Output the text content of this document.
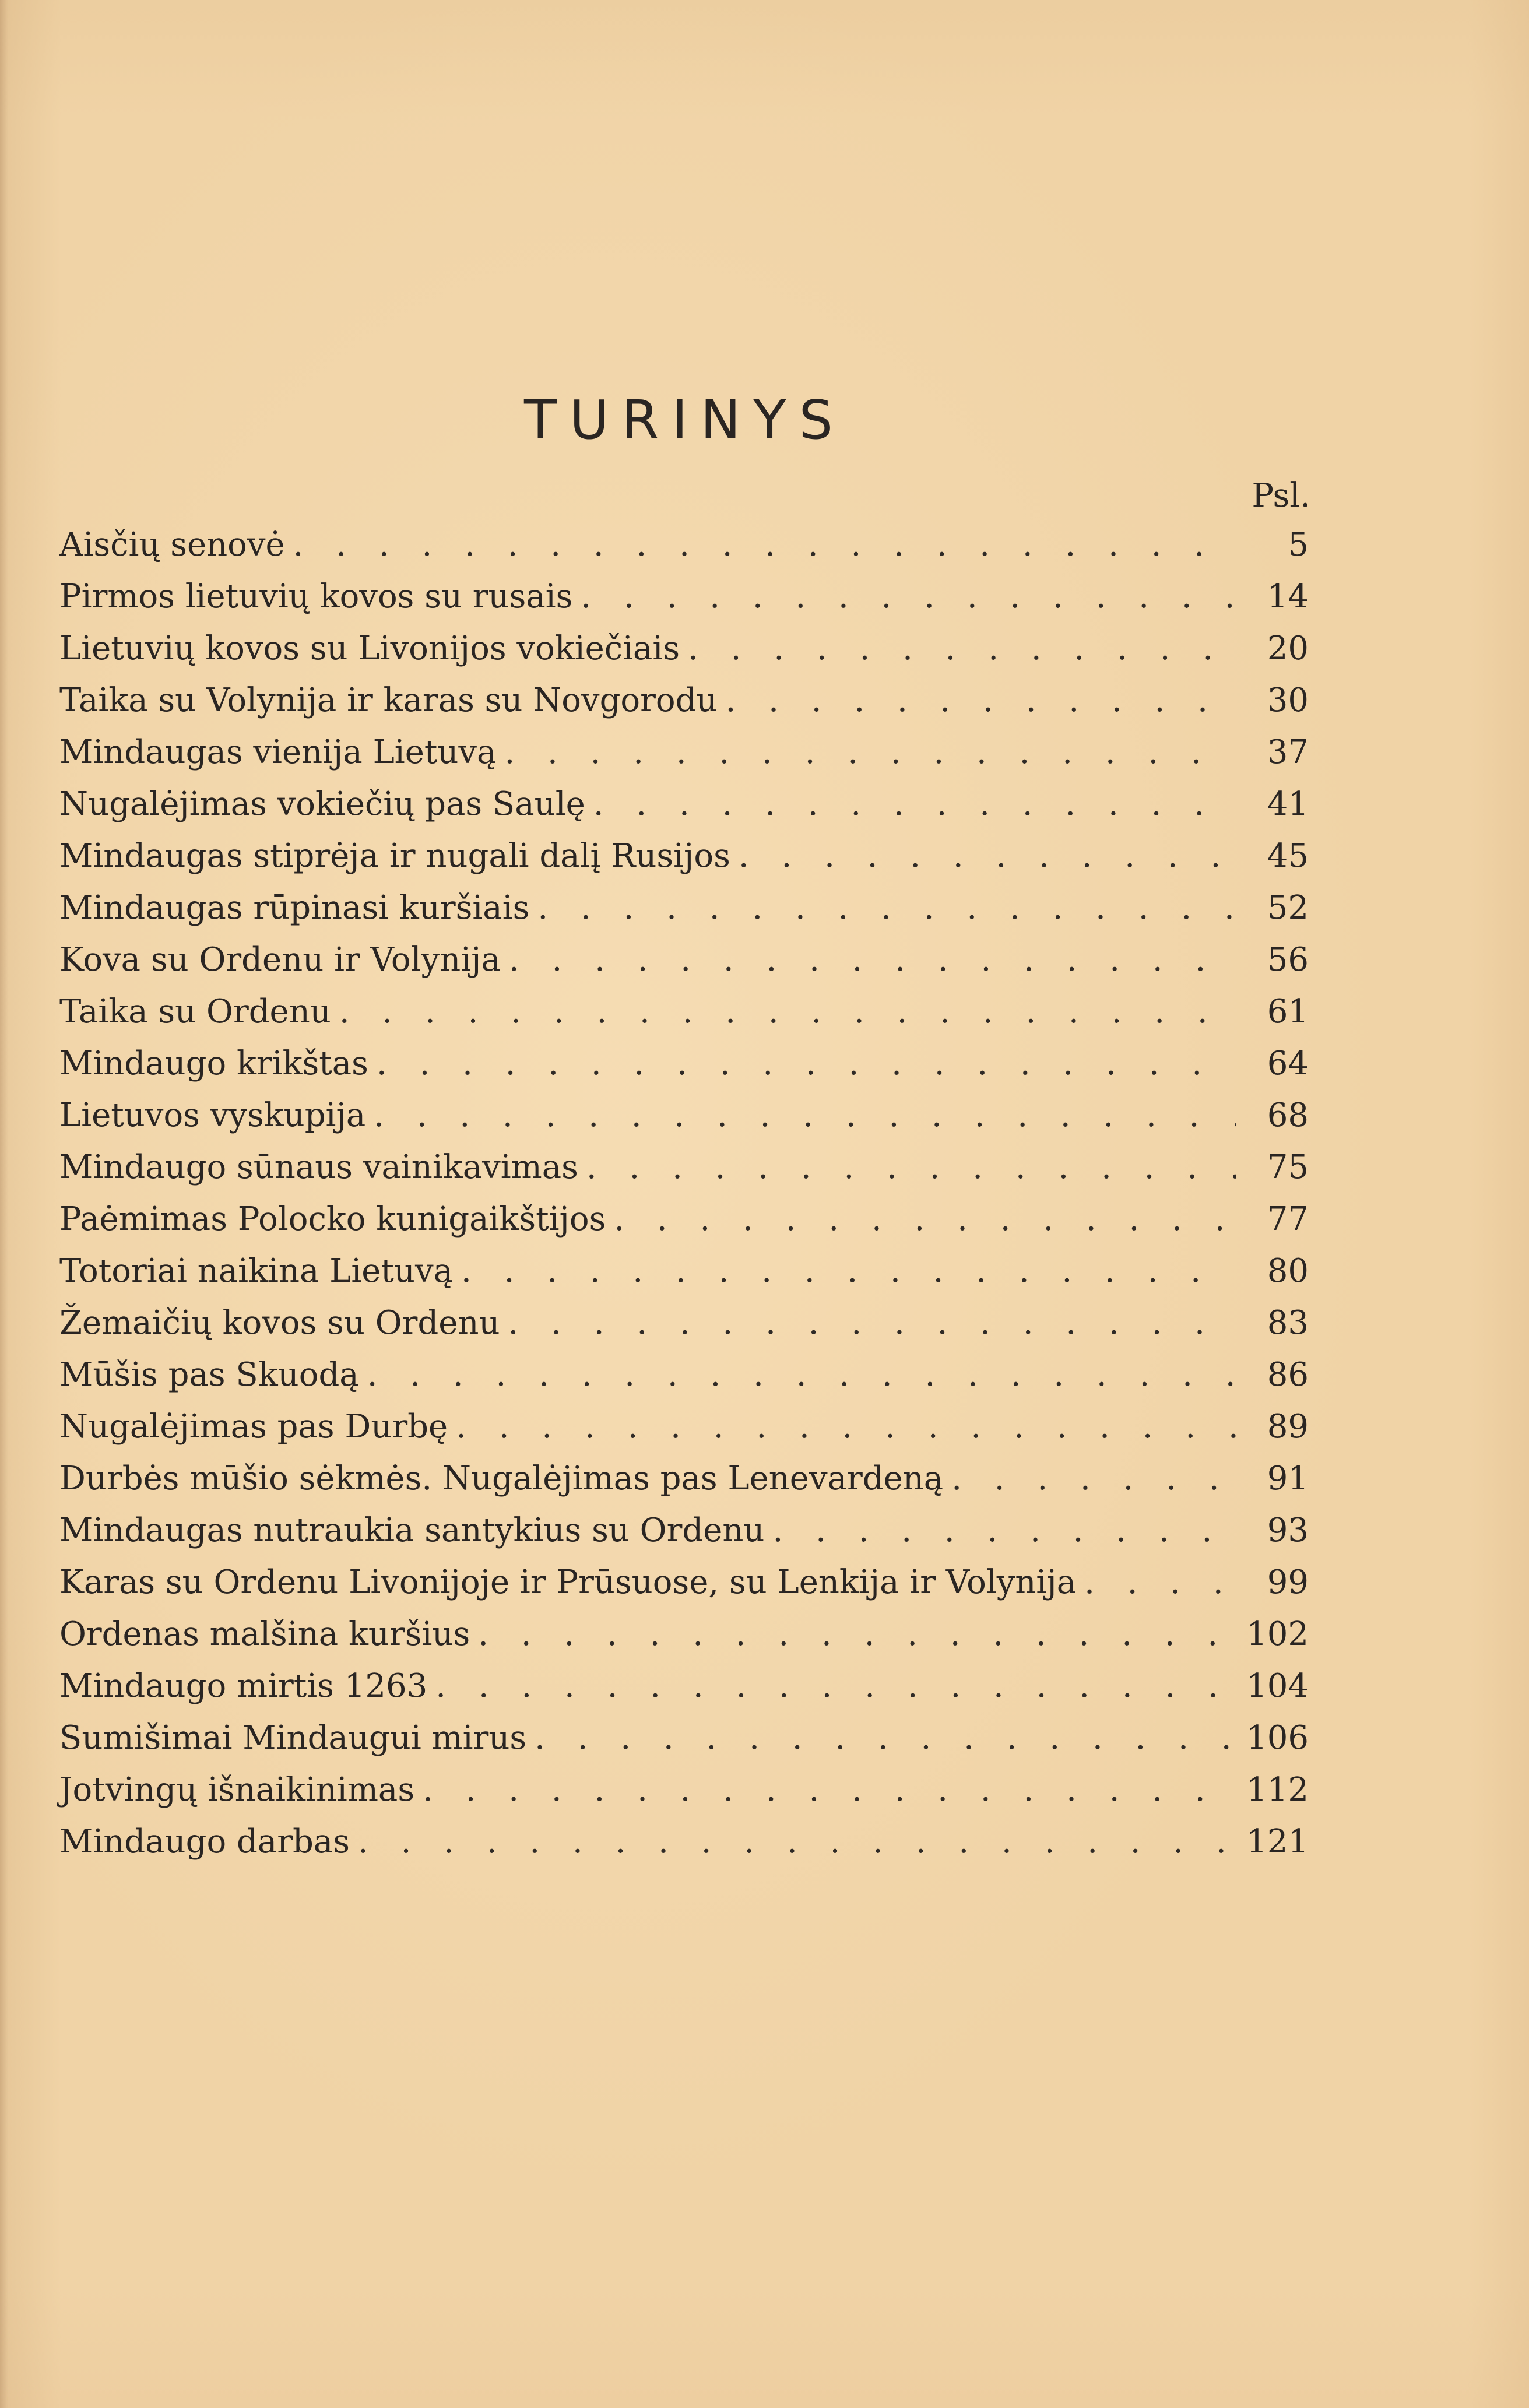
TURINYS
Psl.
Aisčių senovė . . .	5
Pirmos lietuvių kovos su rusais . . .	14
Lietuvių kovos su Livonijos vokiečiais . . .	20
Taika su Volynija ir karas su Novgorodu . . .	30
Mindaugas vienija Lietuvą . . .	37
Nugalėjimas vokiečių pas Saulę . . .	41
Mindaugas stiprėja ir nugali dalį Rusijos . . .	45
Mindaugas rūpinasi kuršiais . . .	52
Kova su Ordenu ir Volynija . . .	56
Taika su Ordenu . . .	61
Mindaugo krikštas . . .	64
Lietuvos vyskupija . . .	68
Mindaugo sūnaus vainikavimas . . .	75
Paėmimas Polocko kunigaikštijos . . .	77
Totoriai naikina Lietuvą . . .	80
Žemaičių kovos su Ordenu . . .	83
Mūšis pas Skuodą . . .	86
Nugalėjimas pas Durbę . . .	89
Durbės mūšio sėkmės. Nugalėjimas pas Lenevardeną . . .	91
Mindaugas nutraukia santykius su Ordenu . . .	93
Karas su Ordenu Livonijoje ir Prūsuose, su Lenkija ir Volynija . . .	99
Ordenas malšina kuršius . . .	102
Mindaugo mirtis 1263 . . .	104
Sumišimai Mindaugui mirus . . .	106
Jotvingų išnaikinimas . . .	112
Mindaugo darbas . . .	121
